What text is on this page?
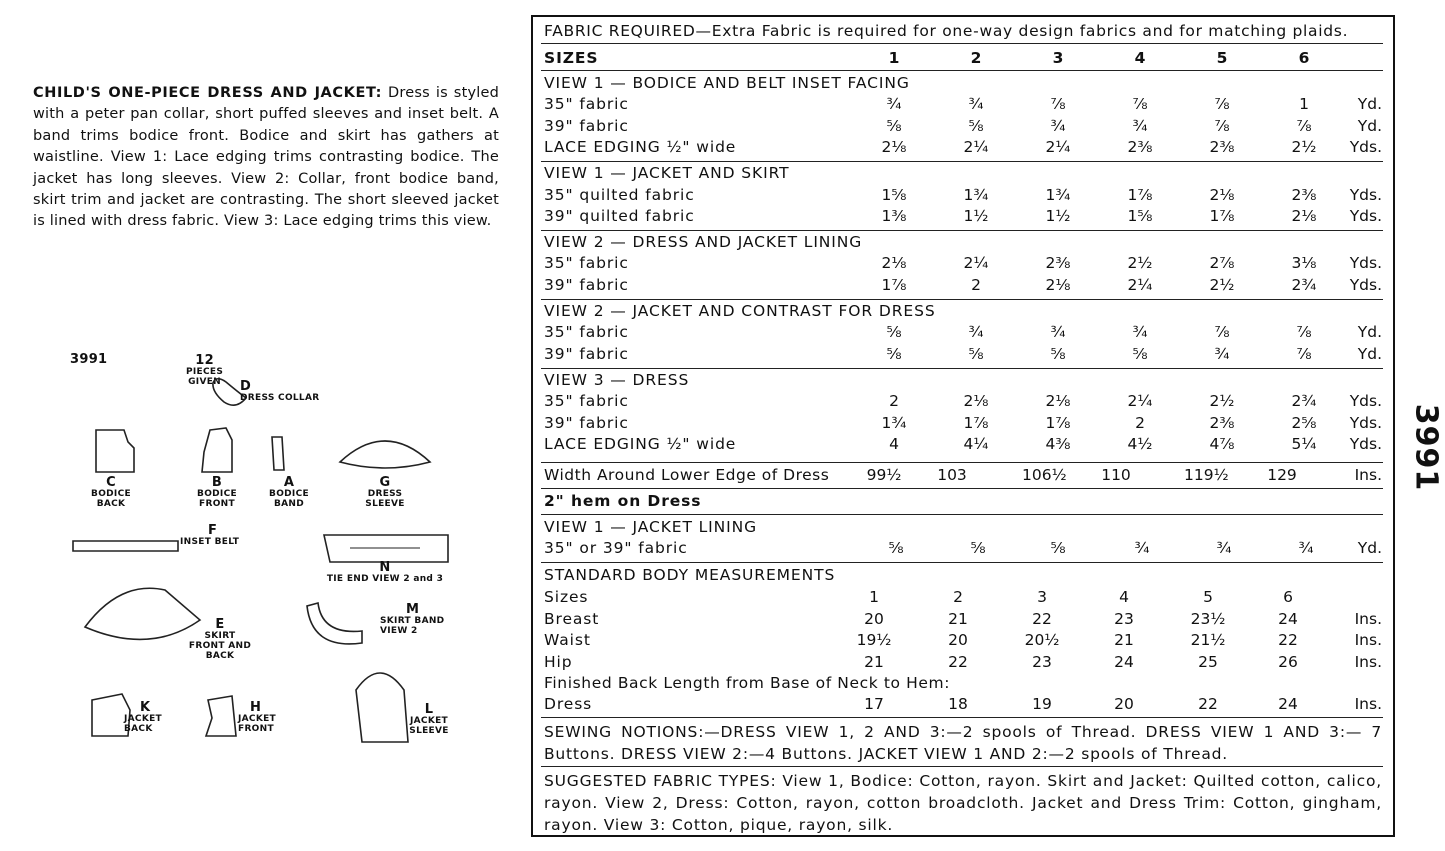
CHILD'S ONE-PIECE DRESS AND JACKET: Dress is styled with a peter pan collar, short puffed sleeves and inset belt. A band trims bodice front. Bodice and skirt has gathers at waistline. View 1: Lace edging trims contrasting bodice. The jacket has long sleeves. View 2: Collar, front bodice band, skirt trim and jacket are contrasting. The short sleeved jacket is lined with dress fabric. View 3: Lace edging trims this view.
3991	12 PIECES GIVEN D
DRESS COLLAR
C
BODICE BACK
B
BODICE FRONT
A
BODICE BAND
G
DRESS SLEEVE
F
INSET BELT
N
TIE END VIEW 2 and 3
E
SKIRT FRONT AND BACK
M
SKIRT BAND VIEW 2
K
JACKET BACK
H
JACKET FRONT
L
JACKET SLEEVE
3991
FABRIC REQUIRED—Extra Fabric is required for one-way design fabrics and for matching plaids.
SIZES	1	2	3	4	5	6
VIEW 1 — BODICE AND BELT INSET FACING
35" fabric	¾	¾	⅞	⅞	⅞	1	Yd.
39" fabric	⅝	⅝	¾	¾	⅞	⅞	Yd.
LACE EDGING ½" wide	2⅛	2¼	2¼	2⅜	2⅜	2½	Yds.
VIEW 1 — JACKET AND SKIRT
35" quilted fabric	1⅝	1¾	1¾	1⅞	2⅛	2⅜	Yds.
39" quilted fabric	1⅜	1½	1½	1⅝	1⅞	2⅛	Yds.
VIEW 2 — DRESS AND JACKET LINING
35" fabric	2⅛	2¼	2⅜	2½	2⅞	3⅛	Yds.
39" fabric	1⅞	2	2⅛	2¼	2½	2¾	Yds.
VIEW 2 — JACKET AND CONTRAST FOR DRESS
35" fabric	⅝	¾	¾	¾	⅞	⅞	Yd.
39" fabric	⅝	⅝	⅝	⅝	¾	⅞	Yd.
VIEW 3 — DRESS
35" fabric	2	2⅛	2⅛	2¼	2½	2¾	Yds.
39" fabric	1¾	1⅞	1⅞	2	2⅜	2⅝	Yds.
LACE EDGING ½" wide	4	4¼	4⅜	4½	4⅞	5¼	Yds.
Width Around Lower Edge of Dress 99½	103	106½	110	119½	129	Ins.
2" hem on Dress
VIEW 1 — JACKET LINING
35" or 39" fabric	⅝	⅝	⅝	¾	¾	¾	Yd.
STANDARD BODY MEASUREMENTS
Sizes	1	2	3	4	5	6
Breast	20	21	22	23	23½	24	Ins.
Waist	19½	20	20½	21	21½	22	Ins.
Hip	21	22	23	24	25	26	Ins.
Finished Back Length from Base of Neck to Hem:
Dress	17	18	19	20	22	24	Ins.
SEWING NOTIONS:—DRESS VIEW 1, 2 AND 3:—2 spools of Thread. DRESS VIEW 1 AND 3:— 7 Buttons. DRESS VIEW 2:—4 Buttons. JACKET VIEW 1 AND 2:—2 spools of Thread.
SUGGESTED FABRIC TYPES: View 1, Bodice: Cotton, rayon. Skirt and Jacket: Quilted cotton, calico, rayon. View 2, Dress: Cotton, rayon, cotton broadcloth. Jacket and Dress Trim: Cotton, gingham, rayon. View 3: Cotton, pique, rayon, silk.
